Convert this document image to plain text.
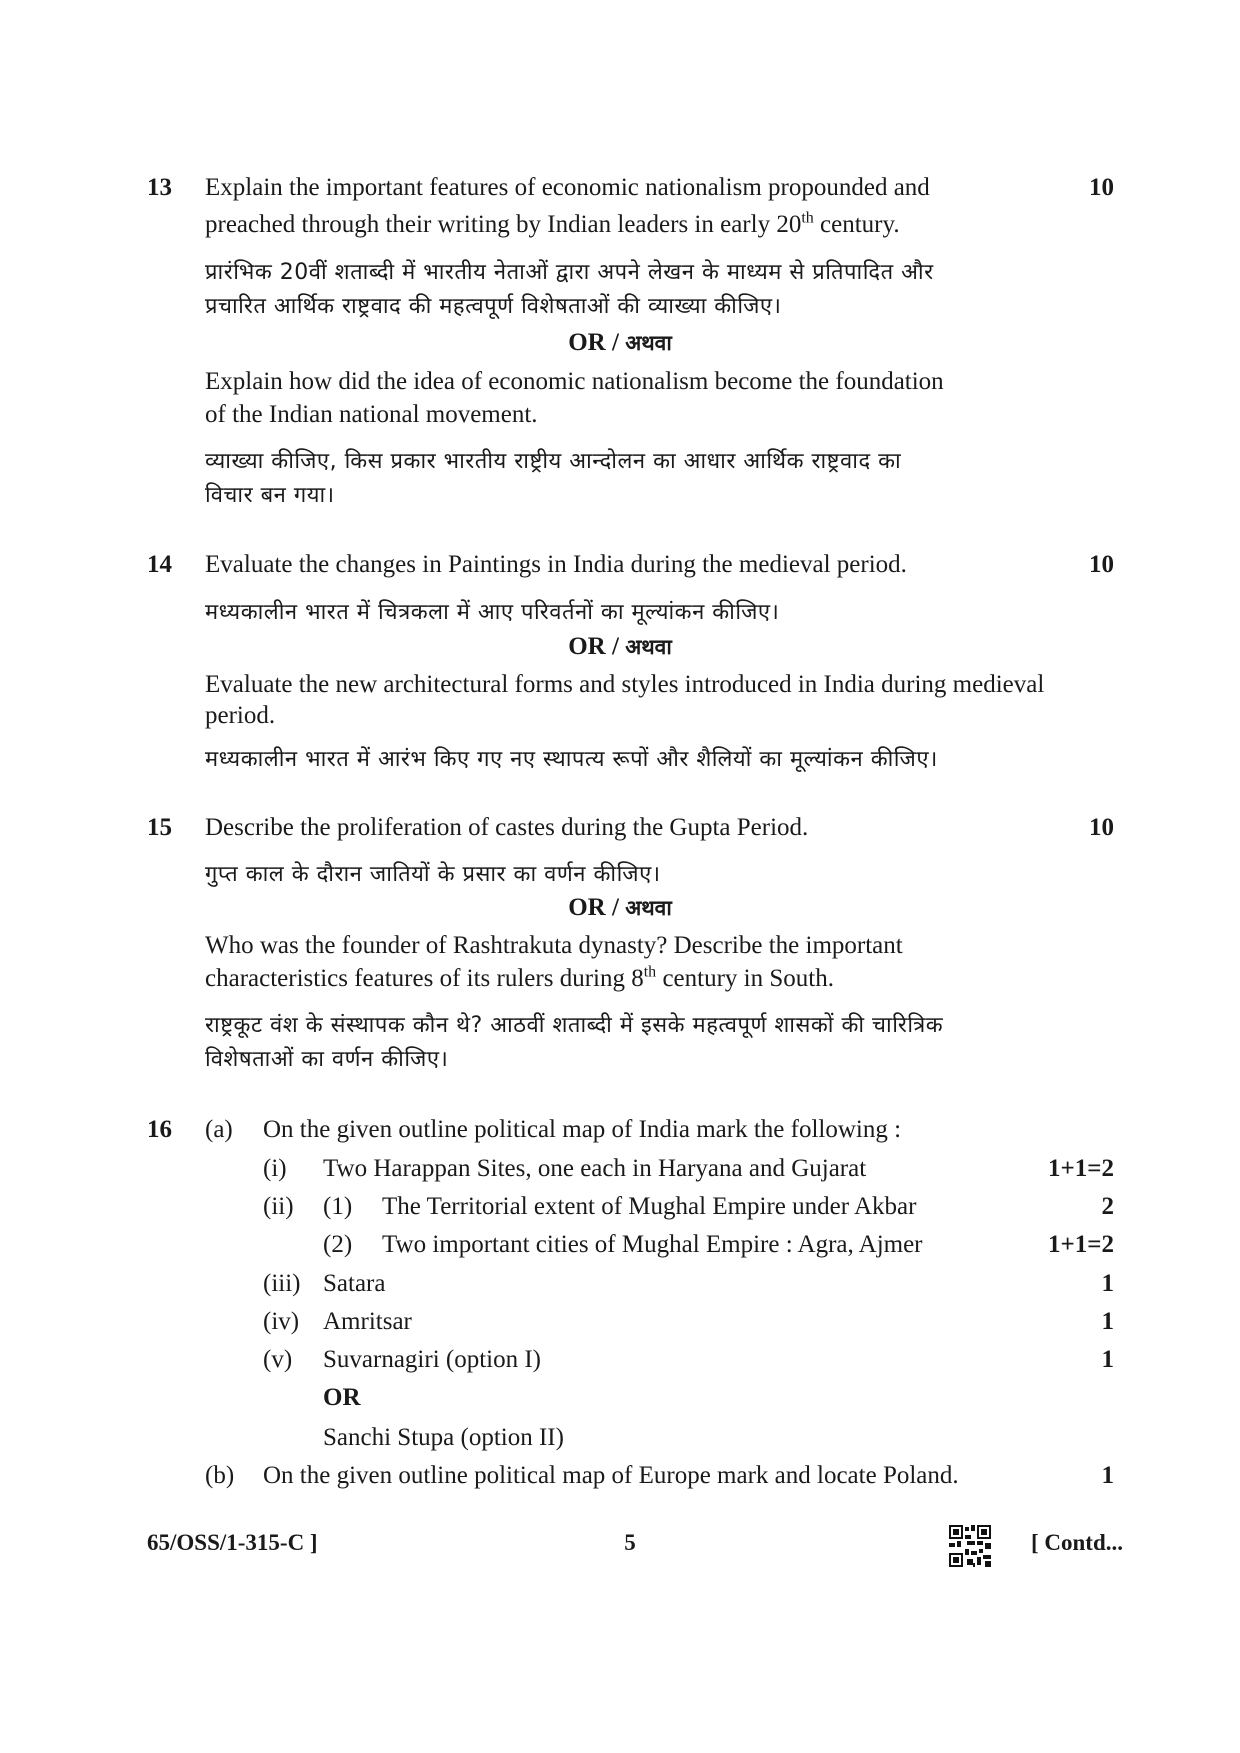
13	10
Explain the important features of economic nationalism propounded and
preached through their writing by Indian leaders in early 20th century.
प्रारंभिक 20वीं शताब्दी में भारतीय नेताओं द्वारा अपने लेखन के माध्यम से प्रतिपादित और
प्रचारित आर्थिक राष्ट्रवाद की महत्वपूर्ण विशेषताओं की व्याख्या कीजिए।
OR / अथवा
Explain how did the idea of economic nationalism become the foundation
of the Indian national movement.
व्याख्या कीजिए, किस प्रकार भारतीय राष्ट्रीय आन्दोलन का आधार आर्थिक राष्ट्रवाद का
विचार बन गया।
14	10
Evaluate the changes in Paintings in India during the medieval period.
मध्यकालीन भारत में चित्रकला में आए परिवर्तनों का मूल्यांकन कीजिए।
OR / अथवा
Evaluate the new architectural forms and styles introduced in India during medieval
period.
मध्यकालीन भारत में आरंभ किए गए नए स्थापत्य रूपों और शैलियों का मूल्यांकन कीजिए।
15	10
Describe the proliferation of castes during the Gupta Period.
गुप्त काल के दौरान जातियों के प्रसार का वर्णन कीजिए।
OR / अथवा
Who was the founder of Rashtrakuta dynasty? Describe the important
characteristics features of its rulers during 8th century in South.
राष्ट्रकूट वंश के संस्थापक कौन थे? आठवीं शताब्दी में इसके महत्वपूर्ण शासकों की चारित्रिक
विशेषताओं का वर्णन कीजिए।
16 (a) On the given outline political map of India mark the following :
(i) Two Harappan Sites, one each in Haryana and Gujarat	1+1=2
(ii) (1) The Territorial extent of Mughal Empire under Akbar	2
(2) Two important cities of Mughal Empire : Agra, Ajmer	1+1=2
(iii) Satara	1
(iv) Amritsar	1
(v) Suvarnagiri (option I)	1
OR
Sanchi Stupa (option II)
(b) On the given outline political map of Europe mark and locate Poland.	1
65/OSS/1-315-C ]	5	[ Contd...
